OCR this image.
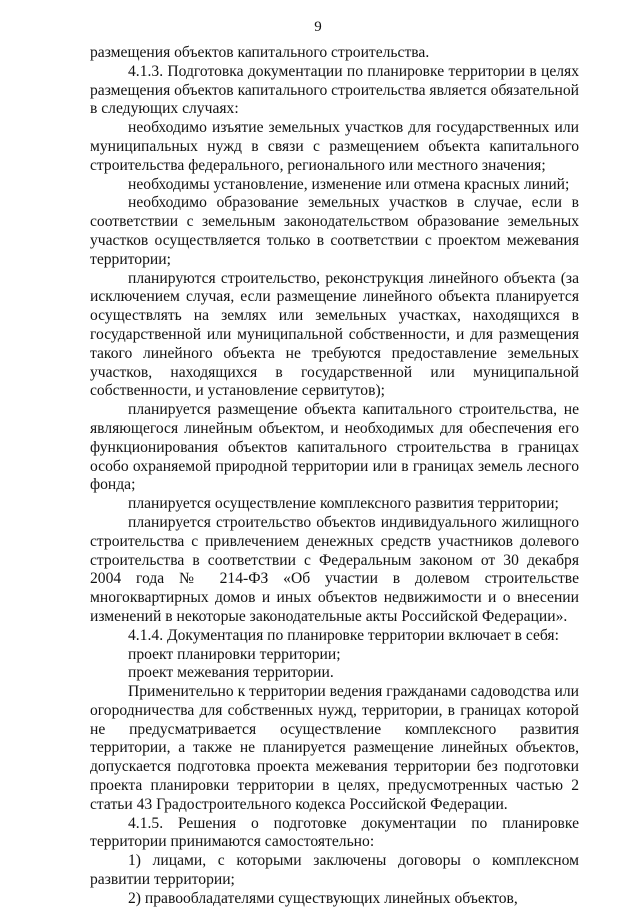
9

размещения объектов капитального строительства.

4.1.3. Подготовка документации по планировке территории в целях размещения объектов капитального строительства является обязательной в следующих случаях:

необходимо изъятие земельных участков для государственных или муниципальных нужд в связи с размещением объекта капитального строительства федерального, регионального или местного значения;

необходимы установление, изменение или отмена красных линий;

необходимо образование земельных участков в случае, если в соответствии с земельным законодательством образование земельных участков осуществляется только в соответствии с проектом межевания территории;

планируются строительство, реконструкция линейного объекта (за исключением случая, если размещение линейного объекта планируется осуществлять на землях или земельных участках, находящихся в государственной или муниципальной собственности, и для размещения такого линейного объекта не требуются предоставление земельных участков, находящихся в государственной или муниципальной собственности, и установление сервитутов);

планируется размещение объекта капитального строительства, не являющегося линейным объектом, и необходимых для обеспечения его функционирования объектов капитального строительства в границах особо охраняемой природной территории или в границах земель лесного фонда;

планируется осуществление комплексного развития территории;

планируется строительство объектов индивидуального жилищного строительства с привлечением денежных средств участников долевого строительства в соответствии с Федеральным законом от 30 декабря 2004 года № 214-ФЗ «Об участии в долевом строительстве многоквартирных домов и иных объектов недвижимости и о внесении изменений в некоторые законодательные акты Российской Федерации».

4.1.4. Документация по планировке территории включает в себя:

проект планировки территории;

проект межевания территории.

Применительно к территории ведения гражданами садоводства или огородничества для собственных нужд, территории, в границах которой не предусматривается осуществление комплексного развития территории, а также не планируется размещение линейных объектов, допускается подготовка проекта межевания территории без подготовки проекта планировки территории в целях, предусмотренных частью 2 статьи 43 Градостроительного кодекса Российской Федерации.

4.1.5. Решения о подготовке документации по планировке территории принимаются самостоятельно:

1) лицами, с которыми заключены договоры о комплексном развитии территории;

2) правообладателями существующих линейных объектов,
